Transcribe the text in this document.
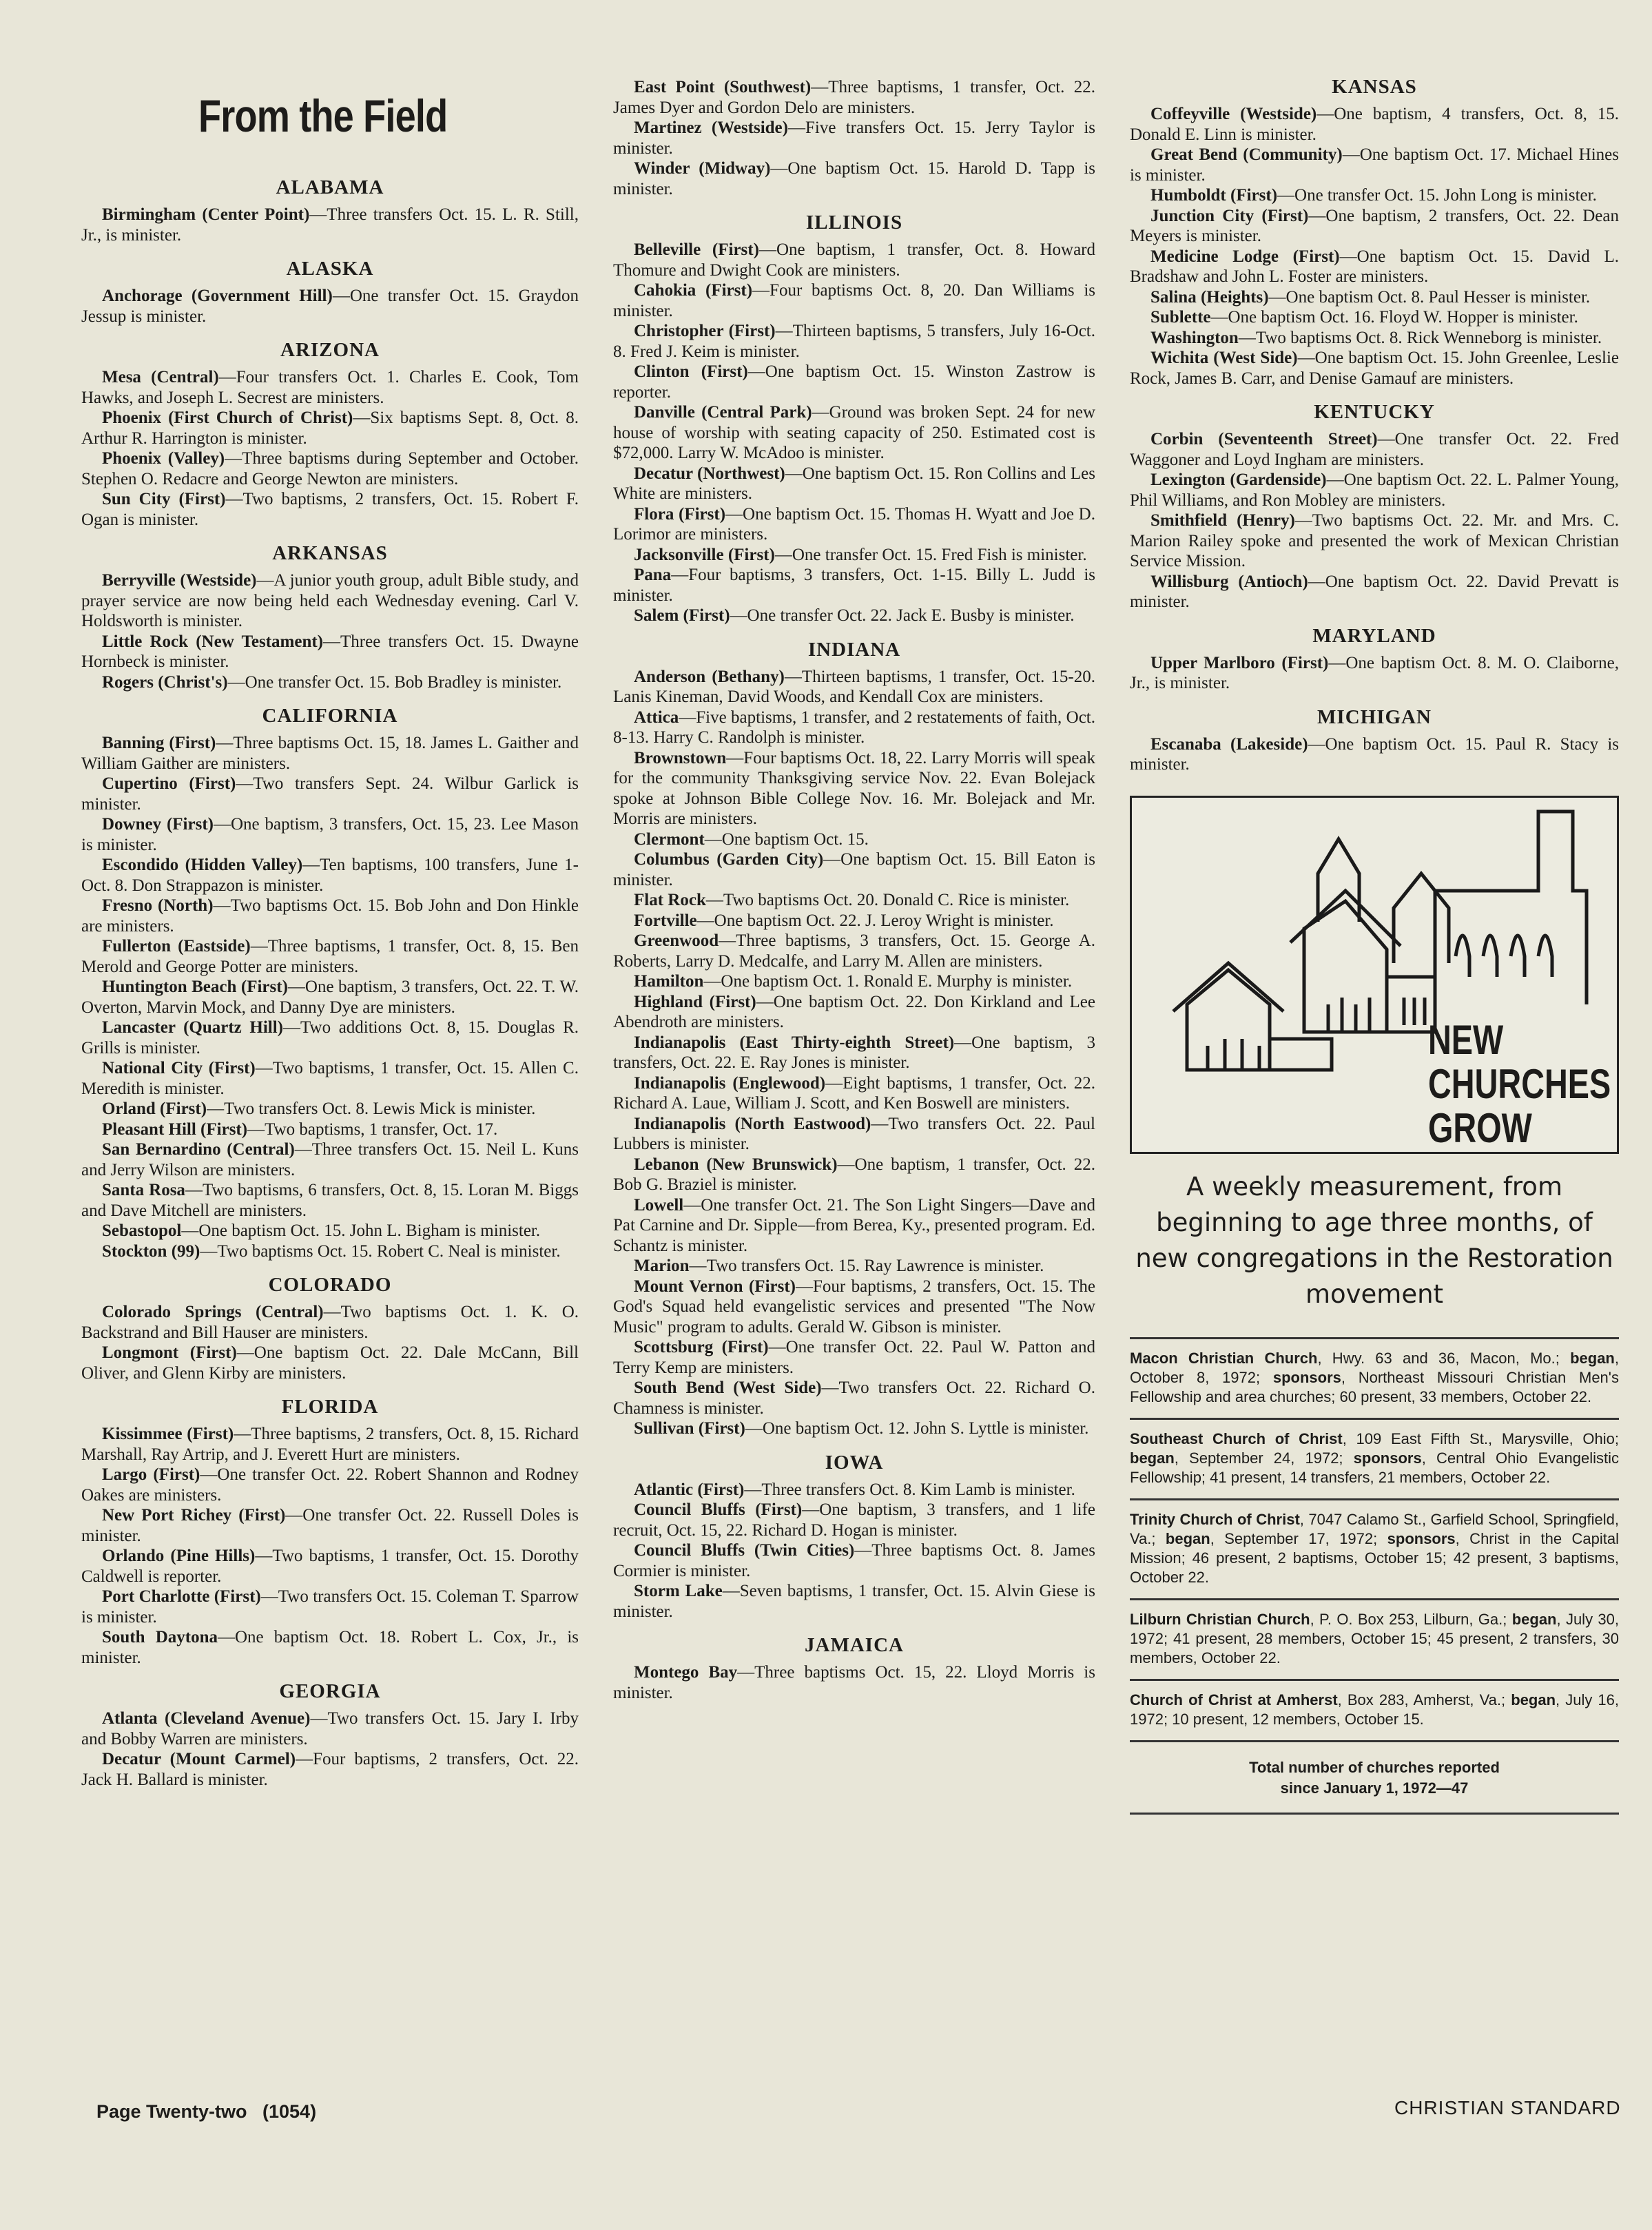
From the Field
ALABAMA

Birmingham (Center Point)—Three transfers Oct. 15. L. R. Still, Jr., is minister.

ALASKA

Anchorage (Government Hill)—One transfer Oct. 15. Graydon Jessup is minister.

ARIZONA

Mesa (Central)—Four transfers Oct. 1. Charles E. Cook, Tom Hawks, and Joseph L. Secrest are ministers.

Phoenix (First Church of Christ)—Six baptisms Sept. 8, Oct. 8. Arthur R. Harrington is minister.

Phoenix (Valley)—Three baptisms during September and October. Stephen O. Redacre and George Newton are ministers.

Sun City (First)—Two baptisms, 2 transfers, Oct. 15. Robert F. Ogan is minister.

ARKANSAS

Berryville (Westside)—A junior youth group, adult Bible study, and prayer service are now being held each Wednesday evening. Carl V. Holdsworth is minister.

Little Rock (New Testament)—Three transfers Oct. 15. Dwayne Hornbeck is minister.

Rogers (Christ's)—One transfer Oct. 15. Bob Bradley is minister.

CALIFORNIA

Banning (First)—Three baptisms Oct. 15, 18. James L. Gaither and William Gaither are ministers.

Cupertino (First)—Two transfers Sept. 24. Wilbur Garlick is minister.

Downey (First)—One baptism, 3 transfers, Oct. 15, 23. Lee Mason is minister.

Escondido (Hidden Valley)—Ten baptisms, 100 transfers, June 1-Oct. 8. Don Strappazon is minister.

Fresno (North)—Two baptisms Oct. 15. Bob John and Don Hinkle are ministers.

Fullerton (Eastside)—Three baptisms, 1 transfer, Oct. 8, 15. Ben Merold and George Potter are ministers.

Huntington Beach (First)—One baptism, 3 transfers, Oct. 22. T. W. Overton, Marvin Mock, and Danny Dye are ministers.

Lancaster (Quartz Hill)—Two additions Oct. 8, 15. Douglas R. Grills is minister.

National City (First)—Two baptisms, 1 transfer, Oct. 15. Allen C. Meredith is minister.

Orland (First)—Two transfers Oct. 8. Lewis Mick is minister.

Pleasant Hill (First)—Two baptisms, 1 transfer, Oct. 17.

San Bernardino (Central)—Three transfers Oct. 15. Neil L. Kuns and Jerry Wilson are ministers.

Santa Rosa—Two baptisms, 6 transfers, Oct. 8, 15. Loran M. Biggs and Dave Mitchell are ministers.

Sebastopol—One baptism Oct. 15. John L. Bigham is minister.

Stockton (99)—Two baptisms Oct. 15. Robert C. Neal is minister.

COLORADO

Colorado Springs (Central)—Two baptisms Oct. 1. K. O. Backstrand and Bill Hauser are ministers.

Longmont (First)—One baptism Oct. 22. Dale McCann, Bill Oliver, and Glenn Kirby are ministers.

FLORIDA

Kissimmee (First)—Three baptisms, 2 transfers, Oct. 8, 15. Richard Marshall, Ray Artrip, and J. Everett Hurt are ministers.

Largo (First)—One transfer Oct. 22. Robert Shannon and Rodney Oakes are ministers.

New Port Richey (First)—One transfer Oct. 22. Russell Doles is minister.

Orlando (Pine Hills)—Two baptisms, 1 transfer, Oct. 15. Dorothy Caldwell is reporter.

Port Charlotte (First)—Two transfers Oct. 15. Coleman T. Sparrow is minister.

South Daytona—One baptism Oct. 18. Robert L. Cox, Jr., is minister.

GEORGIA

Atlanta (Cleveland Avenue)—Two transfers Oct. 15. Jary I. Irby and Bobby Warren are ministers.

Decatur (Mount Carmel)—Four baptisms, 2 transfers, Oct. 22. Jack H. Ballard is minister.

East Point (Southwest)—Three baptisms, 1 transfer, Oct. 22. James Dyer and Gordon Delo are ministers.

Martinez (Westside)—Five transfers Oct. 15. Jerry Taylor is minister.

Winder (Midway)—One baptism Oct. 15. Harold D. Tapp is minister.

ILLINOIS

Belleville (First)—One baptism, 1 transfer, Oct. 8. Howard Thomure and Dwight Cook are ministers.

Cahokia (First)—Four baptisms Oct. 8, 20. Dan Williams is minister.

Christopher (First)—Thirteen baptisms, 5 transfers, July 16-Oct. 8. Fred J. Keim is minister.

Clinton (First)—One baptism Oct. 15. Winston Zastrow is reporter.

Danville (Central Park)—Ground was broken Sept. 24 for new house of worship with seating capacity of 250. Estimated cost is $72,000. Larry W. McAdoo is minister.

Decatur (Northwest)—One baptism Oct. 15. Ron Collins and Les White are ministers.

Flora (First)—One baptism Oct. 15. Thomas H. Wyatt and Joe D. Lorimor are ministers.

Jacksonville (First)—One transfer Oct. 15. Fred Fish is minister.

Pana—Four baptisms, 3 transfers, Oct. 1-15. Billy L. Judd is minister.

Salem (First)—One transfer Oct. 22. Jack E. Busby is minister.

INDIANA

Anderson (Bethany)—Thirteen baptisms, 1 transfer, Oct. 15-20. Lanis Kineman, David Woods, and Kendall Cox are ministers.

Attica—Five baptisms, 1 transfer, and 2 restatements of faith, Oct. 8-13. Harry C. Randolph is minister.

Brownstown—Four baptisms Oct. 18, 22. Larry Morris will speak for the community Thanksgiving service Nov. 22. Evan Bolejack spoke at Johnson Bible College Nov. 16. Mr. Bolejack and Mr. Morris are ministers.

Clermont—One baptism Oct. 15.

Columbus (Garden City)—One baptism Oct. 15. Bill Eaton is minister.

Flat Rock—Two baptisms Oct. 20. Donald C. Rice is minister.

Fortville—One baptism Oct. 22. J. Leroy Wright is minister.

Greenwood—Three baptisms, 3 transfers, Oct. 15. George A. Roberts, Larry D. Medcalfe, and Larry M. Allen are ministers.

Hamilton—One baptism Oct. 1. Ronald E. Murphy is minister.

Highland (First)—One baptism Oct. 22. Don Kirkland and Lee Abendroth are ministers.

Indianapolis (East Thirty-eighth Street)—One baptism, 3 transfers, Oct. 22. E. Ray Jones is minister.

Indianapolis (Englewood)—Eight baptisms, 1 transfer, Oct. 22. Richard A. Laue, William J. Scott, and Ken Boswell are ministers.

Indianapolis (North Eastwood)—Two transfers Oct. 22. Paul Lubbers is minister.

Lebanon (New Brunswick)—One baptism, 1 transfer, Oct. 22. Bob G. Braziel is minister.

Lowell—One transfer Oct. 21. The Son Light Singers—Dave and Pat Carnine and Dr. Sipple—from Berea, Ky., presented program. Ed. Schantz is minister.

Marion—Two transfers Oct. 15. Ray Lawrence is minister.

Mount Vernon (First)—Four baptisms, 2 transfers, Oct. 15. The God's Squad held evangelistic services and presented "The Now Music" program to adults. Gerald W. Gibson is minister.

Scottsburg (First)—One transfer Oct. 22. Paul W. Patton and Terry Kemp are ministers.

South Bend (West Side)—Two transfers Oct. 22. Richard O. Chamness is minister.

Sullivan (First)—One baptism Oct. 12. John S. Lyttle is minister.

IOWA

Atlantic (First)—Three transfers Oct. 8. Kim Lamb is minister.

Council Bluffs (First)—One baptism, 3 transfers, and 1 life recruit, Oct. 15, 22. Richard D. Hogan is minister.

Council Bluffs (Twin Cities)—Three baptisms Oct. 8. James Cormier is minister.

Storm Lake—Seven baptisms, 1 transfer, Oct. 15. Alvin Giese is minister.

JAMAICA

Montego Bay—Three baptisms Oct. 15, 22. Lloyd Morris is minister.

KANSAS

Coffeyville (Westside)—One baptism, 4 transfers, Oct. 8, 15. Donald E. Linn is minister.

Great Bend (Community)—One baptism Oct. 17. Michael Hines is minister.

Humboldt (First)—One transfer Oct. 15. John Long is minister.

Junction City (First)—One baptism, 2 transfers, Oct. 22. Dean Meyers is minister.

Medicine Lodge (First)—One baptism Oct. 15. David L. Bradshaw and John L. Foster are ministers.

Salina (Heights)—One baptism Oct. 8. Paul Hesser is minister.

Sublette—One baptism Oct. 16. Floyd W. Hopper is minister.

Washington—Two baptisms Oct. 8. Rick Wenneborg is minister.

Wichita (West Side)—One baptism Oct. 15. John Greenlee, Leslie Rock, James B. Carr, and Denise Gamauf are ministers.

KENTUCKY

Corbin (Seventeenth Street)—One transfer Oct. 22. Fred Waggoner and Loyd Ingham are ministers.

Lexington (Gardenside)—One baptism Oct. 22. L. Palmer Young, Phil Williams, and Ron Mobley are ministers.

Smithfield (Henry)—Two baptisms Oct. 22. Mr. and Mrs. C. Marion Railey spoke and presented the work of Mexican Christian Service Mission.

Willisburg (Antioch)—One baptism Oct. 22. David Prevatt is minister.

MARYLAND

Upper Marlboro (First)—One baptism Oct. 8. M. O. Claiborne, Jr., is minister.

MICHIGAN

Escanaba (Lakeside)—One baptism Oct. 15. Paul R. Stacy is minister.

NEW
CHURCHES
GROW
A weekly measurement, from beginning to age three months, of new congregations in the Restoration movement
Macon Christian Church, Hwy. 63 and 36, Macon, Mo.; began, October 8, 1972; sponsors, Northeast Missouri Christian Men's Fellowship and area churches; 60 present, 33 members, October 22.
Southeast Church of Christ, 109 East Fifth St., Marysville, Ohio; began, September 24, 1972; sponsors, Central Ohio Evangelistic Fellowship; 41 present, 14 transfers, 21 members, October 22.
Trinity Church of Christ, 7047 Calamo St., Garfield School, Springfield, Va.; began, September 17, 1972; sponsors, Christ in the Capital Mission; 46 present, 2 baptisms, October 15; 42 present, 3 baptisms, October 22.
Lilburn Christian Church, P. O. Box 253, Lilburn, Ga.; began, July 30, 1972; 41 present, 28 members, October 15; 45 present, 2 transfers, 30 members, October 22.
Church of Christ at Amherst, Box 283, Amherst, Va.; began, July 16, 1972; 10 present, 12 members, October 15.
Total number of churches reported
since January 1, 1972—47
Page Twenty-two   (1054)	CHRISTIAN STANDARD
